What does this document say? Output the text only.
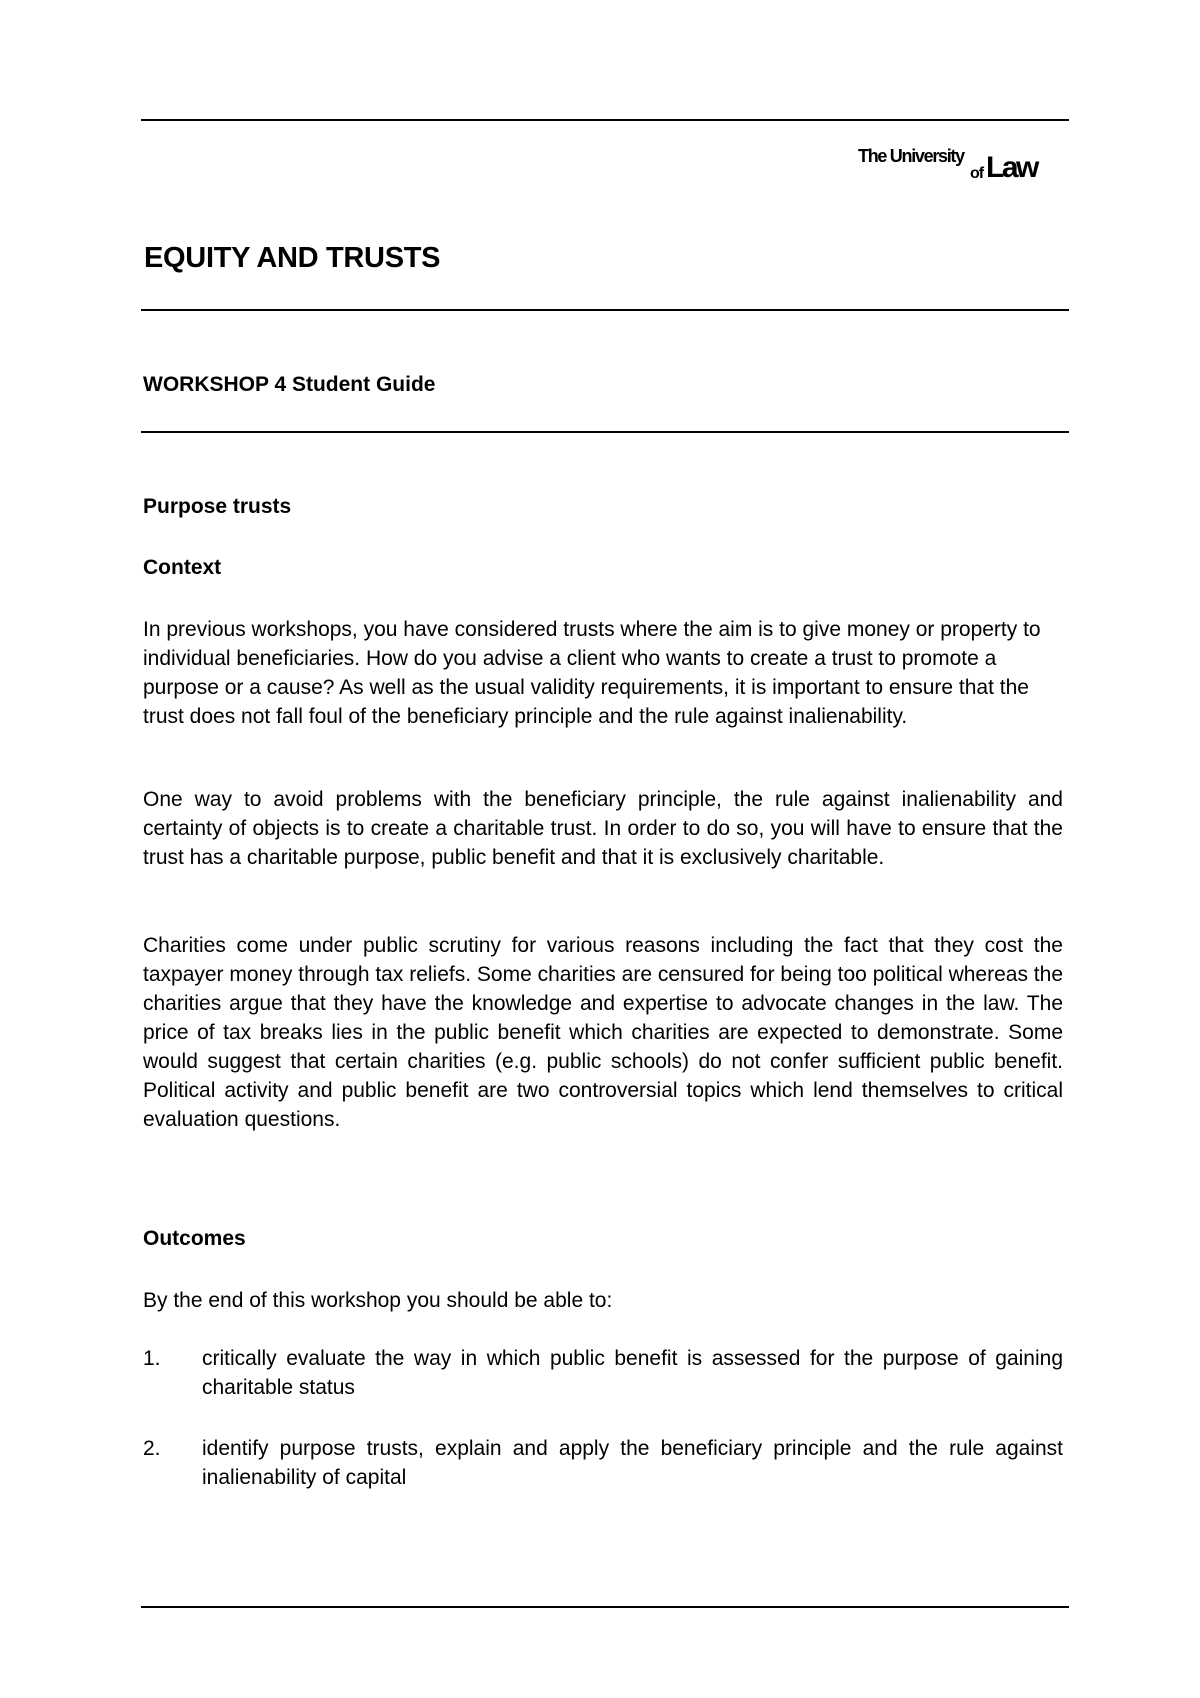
The University
of Law
EQUITY AND TRUSTS
WORKSHOP 4 Student Guide
Purpose trusts
Context

In previous workshops, you have considered trusts where the aim is to give money or property to individual beneficiaries. How do you advise a client who wants to create a trust to promote a purpose or a cause? As well as the usual validity requirements, it is important to ensure that the trust does not fall foul of the beneficiary principle and the rule against inalienability.

One way to avoid problems with the beneficiary principle, the rule against inalienability and certainty of objects is to create a charitable trust. In order to do so, you will have to ensure that the trust has a charitable purpose, public benefit and that it is exclusively charitable.

Charities come under public scrutiny for various reasons including the fact that they cost the taxpayer money through tax reliefs. Some charities are censured for being too political whereas the charities argue that they have the knowledge and expertise to advocate changes in the law. The price of tax breaks lies in the public benefit which charities are expected to demonstrate. Some would suggest that certain charities (e.g. public schools) do not confer sufficient public benefit. Political activity and public benefit are two controversial topics which lend themselves to critical evaluation questions.

Outcomes

By the end of this workshop you should be able to:

1. critically evaluate the way in which public benefit is assessed for the purpose of gaining charitable status
2. identify purpose trusts, explain and apply the beneficiary principle and the rule against inalienability of capital
